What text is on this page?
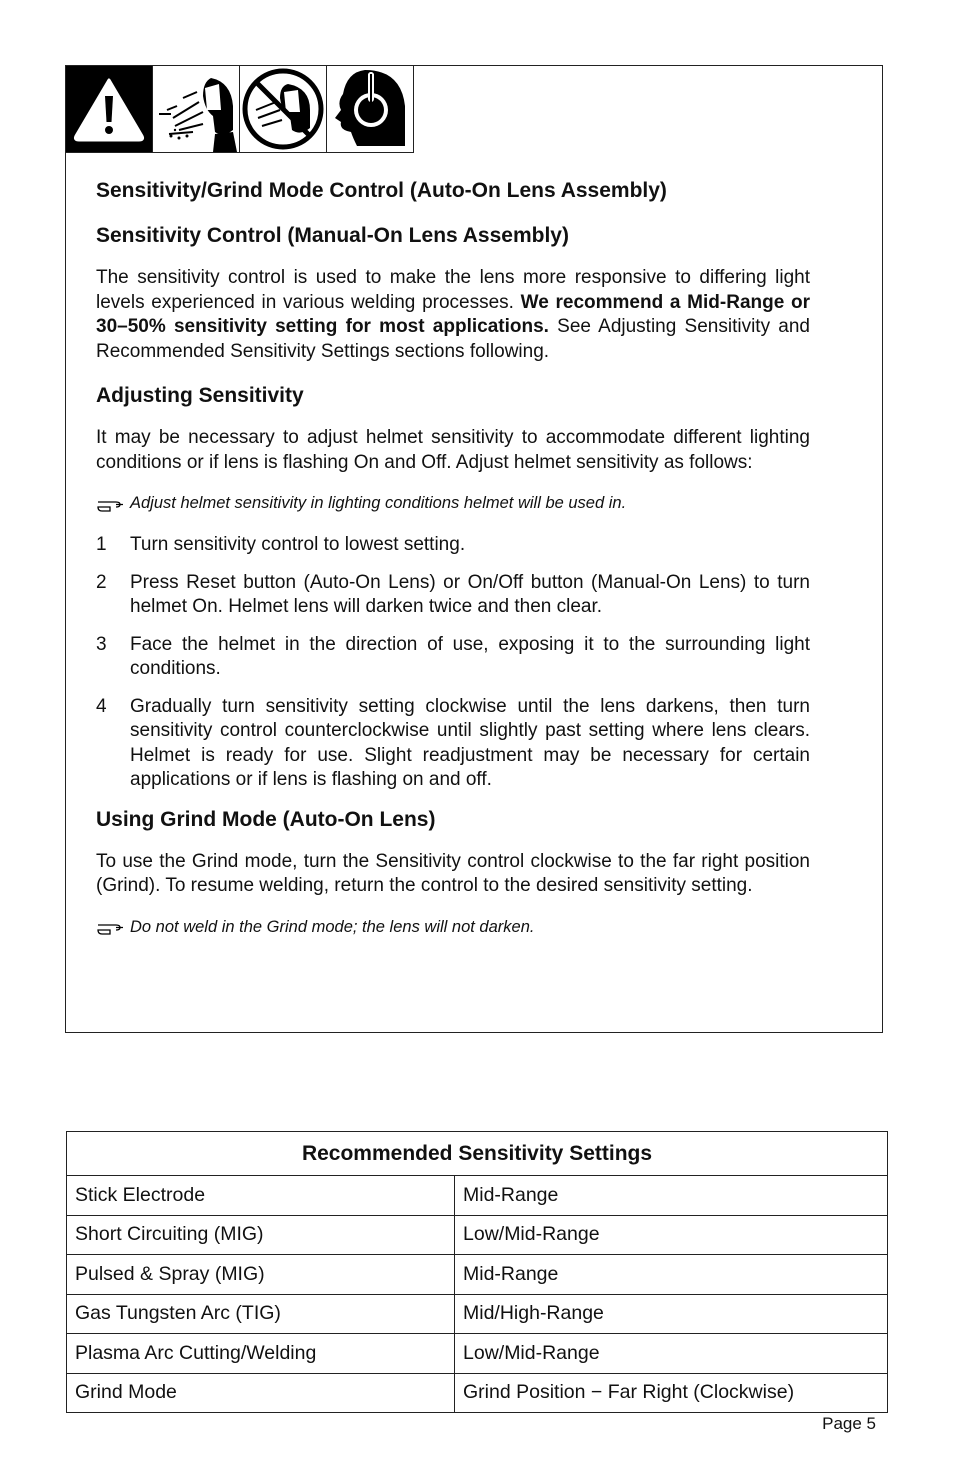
Sensitivity/Grind Mode Control (Auto-On Lens Assembly)
Sensitivity Control (Manual-On Lens Assembly)

The sensitivity control is used to make the lens more responsive to differing light levels experienced in various welding processes. We recommend a Mid-Range or 30–50% sensitivity setting for most applications. See Adjusting Sensitivity and Recommended Sensitivity Settings sections following.

Adjusting Sensitivity

It may be necessary to adjust helmet sensitivity to accommodate different lighting conditions or if lens is flashing On and Off. Adjust helmet sensitivity as follows:

Adjust helmet sensitivity in lighting conditions helmet will be used in.
1	Turn sensitivity control to lowest setting.
2	Press Reset button (Auto-On Lens) or On/Off button (Manual-On Lens) to turn helmet On. Helmet lens will darken twice and then clear.
3	Face the helmet in the direction of use, exposing it to the surrounding light conditions.
4	Gradually turn sensitivity setting clockwise until the lens darkens, then turn sensitivity control counterclockwise until slightly past setting where lens clears. Helmet is ready for use. Slight readjustment may be necessary for certain applications or if lens is flashing on and off.
Using Grind Mode (Auto-On Lens)

To use the Grind mode, turn the Sensitivity control clockwise to the far right position (Grind). To resume welding, return the control to the desired sensitivity setting.

Do not weld in the Grind mode; the lens will not darken.
Recommended Sensitivity Settings	
Stick Electrode	Mid-Range
Short Circuiting (MIG)	Low/Mid-Range
Pulsed & Spray (MIG)	Mid-Range
Gas Tungsten Arc (TIG)	Mid/High-Range
Plasma Arc Cutting/Welding	Low/Mid-Range
Grind Mode	Grind Position − Far Right (Clockwise)
Page 5
